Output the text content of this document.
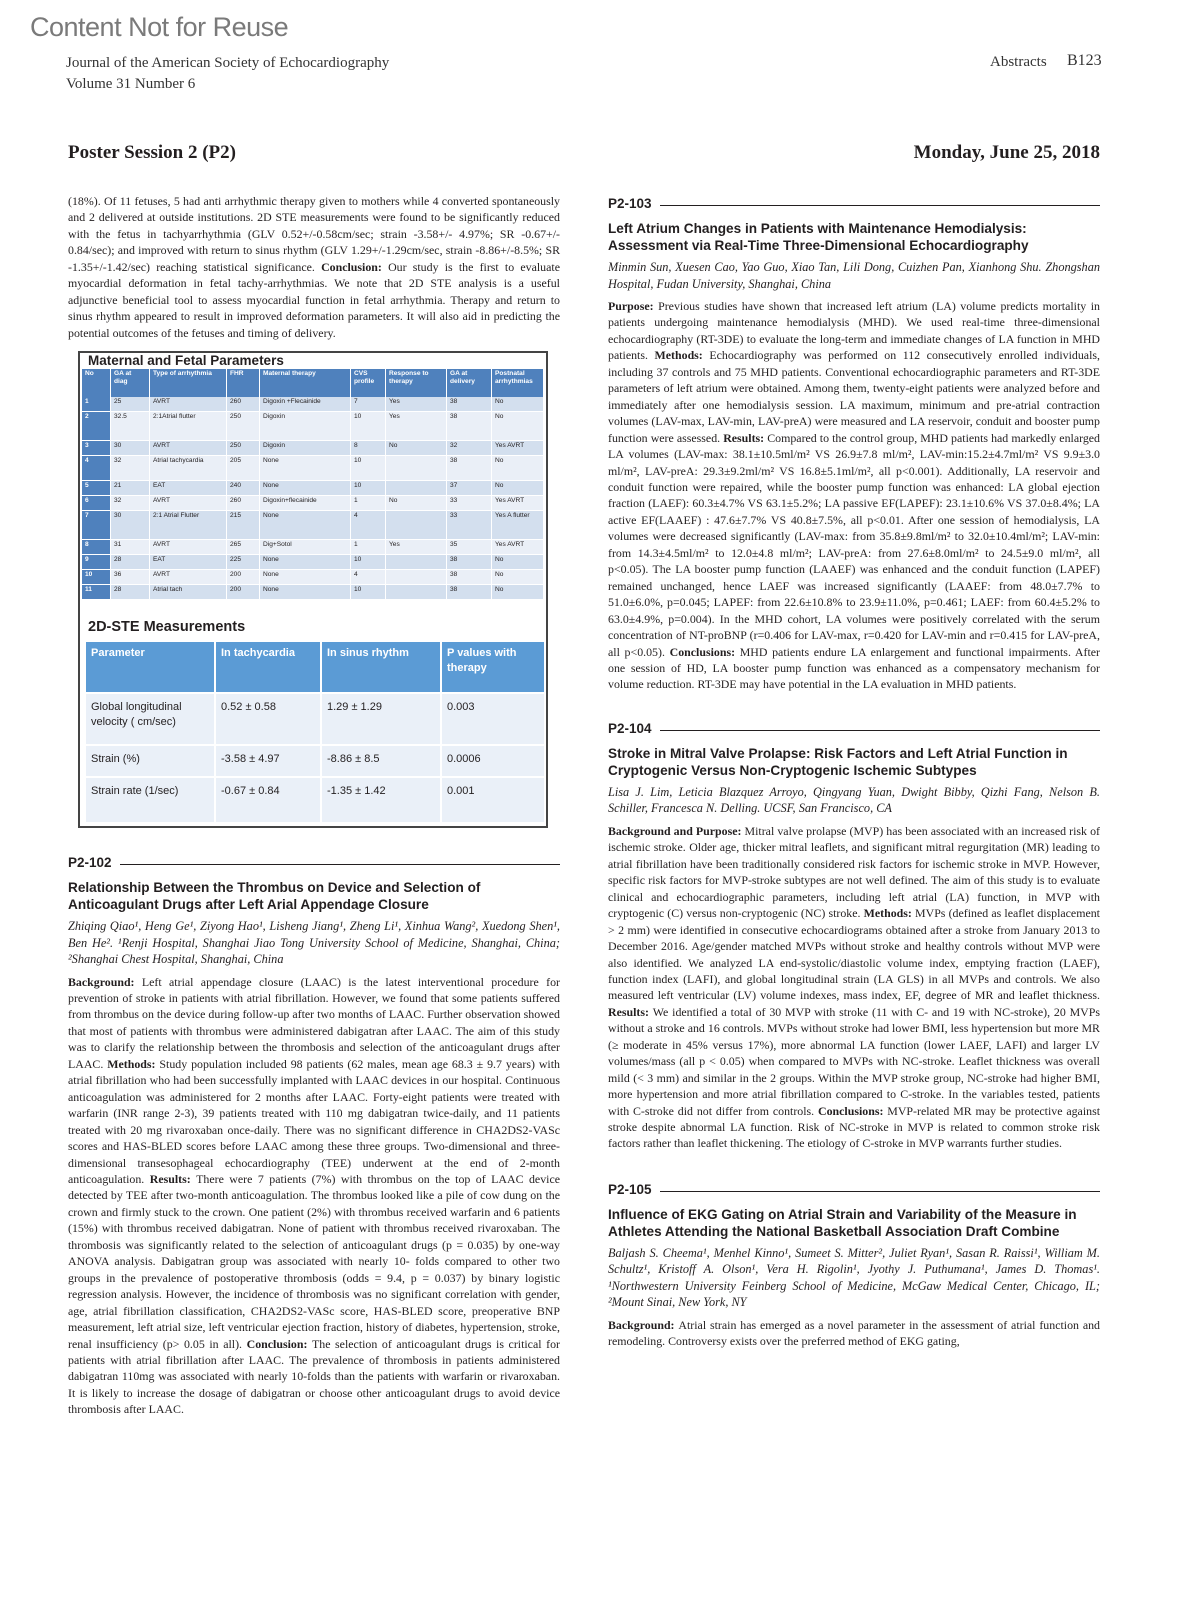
Content Not for Reuse
Journal of the American Society of Echocardiography
Volume 31 Number 6
Abstracts B123
Poster Session 2 (P2)	Monday, June 25, 2018
(18%). Of 11 fetuses, 5 had anti arrhythmic therapy given to mothers while 4 converted spontaneously and 2 delivered at outside institutions. 2D STE measurements were found to be significantly reduced with the fetus in tachyarrhythmia (GLV 0.52+/-0.58cm/sec; strain -3.58+/- 4.97%; SR -0.67+/- 0.84/sec); and improved with return to sinus rhythm (GLV 1.29+/-1.29cm/sec, strain -8.86+/-8.5%; SR -1.35+/-1.42/sec) reaching statistical significance. Conclusion: Our study is the first to evaluate myocardial deformation in fetal tachy-arrhythmias. We note that 2D STE analysis is a useful adjunctive beneficial tool to assess myocardial function in fetal arrhythmia. Therapy and return to sinus rhythm appeared to result in improved deformation parameters. It will also aid in predicting the potential outcomes of the fetuses and timing of delivery.
Maternal and Fetal Parameters
No	GA at diag	Type of arrhythmia	FHR	Maternal therapy	CVS profile	Response to therapy	GA at delivery	Postnatal arrhythmias
1	25	AVRT	260	Digoxin +Flecainide	7	Yes	38	No
2	32.5	2:1Atrial flutter	250	Digoxin	10	Yes	38	No
3	30	AVRT	250	Digoxin	8	No	32	Yes AVRT
4	32	Atrial tachycardia	205	None	10		38	No
5	21	EAT	240	None	10		37	No
6	32	AVRT	260	Digoxin+flecainide	1	No	33	Yes AVRT
7	30	2:1 Atrial Flutter	215	None	4		33	Yes A flutter
8	31	AVRT	265	Dig+Sotol	1	Yes	35	Yes AVRT
9	28	EAT	225	None	10		38	No
10	36	AVRT	200	None	4		38	No
11	28	Atrial tach	200	None	10		38	No
2D-STE Measurements
Parameter	In tachycardia	In sinus rhythm	P values with therapy
Global longitudinal velocity ( cm/sec)	0.52 ± 0.58	1.29 ± 1.29	0.003
Strain (%)	-3.58 ± 4.97	-8.86 ± 8.5	0.0006
Strain rate (1/sec)	-0.67 ± 0.84	-1.35 ± 1.42	0.001
P2-102
Relationship Between the Thrombus on Device and Selection of Anticoagulant Drugs after Left Arial Appendage Closure
Zhiqing Qiao¹, Heng Ge¹, Ziyong Hao¹, Lisheng Jiang¹, Zheng Li¹, Xinhua Wang², Xuedong Shen¹, Ben He². ¹Renji Hospital, Shanghai Jiao Tong University School of Medicine, Shanghai, China; ²Shanghai Chest Hospital, Shanghai, China
Background: Left atrial appendage closure (LAAC) is the latest interventional procedure for prevention of stroke in patients with atrial fibrillation. However, we found that some patients suffered from thrombus on the device during follow-up after two months of LAAC. Further observation showed that most of patients with thrombus were administered dabigatran after LAAC. The aim of this study was to clarify the relationship between the thrombosis and selection of the anticoagulant drugs after LAAC. Methods: Study population included 98 patients (62 males, mean age 68.3 ± 9.7 years) with atrial fibrillation who had been successfully implanted with LAAC devices in our hospital. Continuous anticoagulation was administered for 2 months after LAAC. Forty-eight patients were treated with warfarin (INR range 2-3), 39 patients treated with 110 mg dabigatran twice-daily, and 11 patients treated with 20 mg rivaroxaban once-daily. There was no significant difference in CHA2DS2-VASc scores and HAS-BLED scores before LAAC among these three groups. Two-dimensional and three-dimensional transesophageal echocardiography (TEE) underwent at the end of 2-month anticoagulation. Results: There were 7 patients (7%) with thrombus on the top of LAAC device detected by TEE after two-month anticoagulation. The thrombus looked like a pile of cow dung on the crown and firmly stuck to the crown. One patient (2%) with thrombus received warfarin and 6 patients (15%) with thrombus received dabigatran. None of patient with thrombus received rivaroxaban. The thrombosis was significantly related to the selection of anticoagulant drugs (p = 0.035) by one-way ANOVA analysis. Dabigatran group was associated with nearly 10- folds compared to other two groups in the prevalence of postoperative thrombosis (odds = 9.4, p = 0.037) by binary logistic regression analysis. However, the incidence of thrombosis was no significant correlation with gender, age, atrial fibrillation classification, CHA2DS2-VASc score, HAS-BLED score, preoperative BNP measurement, left atrial size, left ventricular ejection fraction, history of diabetes, hypertension, stroke, renal insufficiency (p> 0.05 in all). Conclusion: The selection of anticoagulant drugs is critical for patients with atrial fibrillation after LAAC. The prevalence of thrombosis in patients administered dabigatran 110mg was associated with nearly 10-folds than the patients with warfarin or rivaroxaban. It is likely to increase the dosage of dabigatran or choose other anticoagulant drugs to avoid device thrombosis after LAAC.
P2-103
Left Atrium Changes in Patients with Maintenance Hemodialysis: Assessment via Real-Time Three-Dimensional Echocardiography
Minmin Sun, Xuesen Cao, Yao Guo, Xiao Tan, Lili Dong, Cuizhen Pan, Xianhong Shu. Zhongshan Hospital, Fudan University, Shanghai, China
Purpose: Previous studies have shown that increased left atrium (LA) volume predicts mortality in patients undergoing maintenance hemodialysis (MHD). We used real-time three-dimensional echocardiography (RT-3DE) to evaluate the long-term and immediate changes of LA function in MHD patients. Methods: Echocardiography was performed on 112 consecutively enrolled individuals, including 37 controls and 75 MHD patients. Conventional echocardiographic parameters and RT-3DE parameters of left atrium were obtained. Among them, twenty-eight patients were analyzed before and immediately after one hemodialysis session. LA maximum, minimum and pre-atrial contraction volumes (LAV-max, LAV-min, LAV-preA) were measured and LA reservoir, conduit and booster pump function were assessed. Results: Compared to the control group, MHD patients had markedly enlarged LA volumes (LAV-max: 38.1±10.5ml/m² VS 26.9±7.8 ml/m², LAV-min:15.2±4.7ml/m² VS 9.9±3.0 ml/m², LAV-preA: 29.3±9.2ml/m² VS 16.8±5.1ml/m², all p<0.001). Additionally, LA reservoir and conduit function were repaired, while the booster pump function was enhanced: LA global ejection fraction (LAEF): 60.3±4.7% VS 63.1±5.2%; LA passive EF(LAPEF): 23.1±10.6% VS 37.0±8.4%; LA active EF(LAAEF) : 47.6±7.7% VS 40.8±7.5%, all p<0.01. After one session of hemodialysis, LA volumes were decreased significantly (LAV-max: from 35.8±9.8ml/m² to 32.0±10.4ml/m²; LAV-min: from 14.3±4.5ml/m² to 12.0±4.8 ml/m²; LAV-preA: from 27.6±8.0ml/m² to 24.5±9.0 ml/m², all p<0.05). The LA booster pump function (LAAEF) was enhanced and the conduit function (LAPEF) remained unchanged, hence LAEF was increased significantly (LAAEF: from 48.0±7.7% to 51.0±6.0%, p=0.045; LAPEF: from 22.6±10.8% to 23.9±11.0%, p=0.461; LAEF: from 60.4±5.2% to 63.0±4.9%, p=0.004). In the MHD cohort, LA volumes were positively correlated with the serum concentration of NT-proBNP (r=0.406 for LAV-max, r=0.420 for LAV-min and r=0.415 for LAV-preA, all p<0.05). Conclusions: MHD patients endure LA enlargement and functional impairments. After one session of HD, LA booster pump function was enhanced as a compensatory mechanism for volume reduction. RT-3DE may have potential in the LA evaluation in MHD patients.
P2-104
Stroke in Mitral Valve Prolapse: Risk Factors and Left Atrial Function in Cryptogenic Versus Non-Cryptogenic Ischemic Subtypes
Lisa J. Lim, Leticia Blazquez Arroyo, Qingyang Yuan, Dwight Bibby, Qizhi Fang, Nelson B. Schiller, Francesca N. Delling. UCSF, San Francisco, CA
Background and Purpose: Mitral valve prolapse (MVP) has been associated with an increased risk of ischemic stroke. Older age, thicker mitral leaflets, and significant mitral regurgitation (MR) leading to atrial fibrillation have been traditionally considered risk factors for ischemic stroke in MVP. However, specific risk factors for MVP-stroke subtypes are not well defined. The aim of this study is to evaluate clinical and echocardiographic parameters, including left atrial (LA) function, in MVP with cryptogenic (C) versus non-cryptogenic (NC) stroke. Methods: MVPs (defined as leaflet displacement > 2 mm) were identified in consecutive echocardiograms obtained after a stroke from January 2013 to December 2016. Age/gender matched MVPs without stroke and healthy controls without MVP were also identified. We analyzed LA end-systolic/diastolic volume index, emptying fraction (LAEF), function index (LAFI), and global longitudinal strain (LA GLS) in all MVPs and controls. We also measured left ventricular (LV) volume indexes, mass index, EF, degree of MR and leaflet thickness. Results: We identified a total of 30 MVP with stroke (11 with C- and 19 with NC-stroke), 20 MVPs without a stroke and 16 controls. MVPs without stroke had lower BMI, less hypertension but more MR (≥ moderate in 45% versus 17%), more abnormal LA function (lower LAEF, LAFI) and larger LV volumes/mass (all p < 0.05) when compared to MVPs with NC-stroke. Leaflet thickness was overall mild (< 3 mm) and similar in the 2 groups. Within the MVP stroke group, NC-stroke had higher BMI, more hypertension and more atrial fibrillation compared to C-stroke. In the variables tested, patients with C-stroke did not differ from controls. Conclusions: MVP-related MR may be protective against stroke despite abnormal LA function. Risk of NC-stroke in MVP is related to common stroke risk factors rather than leaflet thickening. The etiology of C-stroke in MVP warrants further studies.
P2-105
Influence of EKG Gating on Atrial Strain and Variability of the Measure in Athletes Attending the National Basketball Association Draft Combine
Baljash S. Cheema¹, Menhel Kinno¹, Sumeet S. Mitter², Juliet Ryan¹, Sasan R. Raissi¹, William M. Schultz¹, Kristoff A. Olson¹, Vera H. Rigolin¹, Jyothy J. Puthumana¹, James D. Thomas¹. ¹Northwestern University Feinberg School of Medicine, McGaw Medical Center, Chicago, IL; ²Mount Sinai, New York, NY
Background: Atrial strain has emerged as a novel parameter in the assessment of atrial function and remodeling. Controversy exists over the preferred method of EKG gating,
